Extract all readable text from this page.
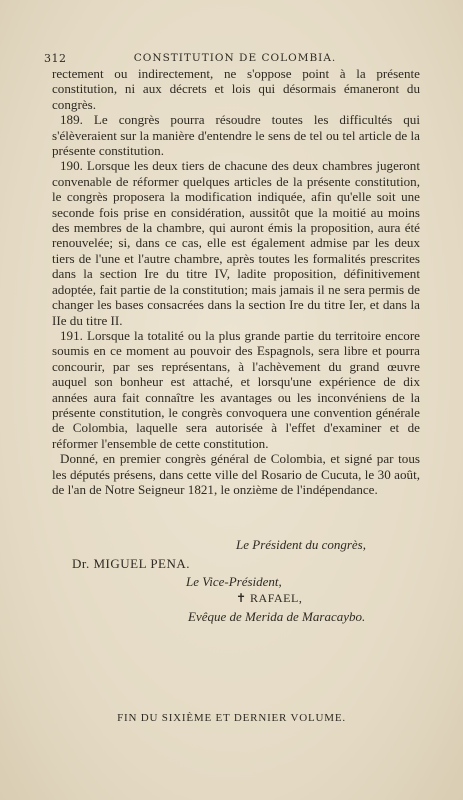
312	CONSTITUTION DE COLOMBIA.

rectement ou indirectement, ne s'oppose point à la présente constitution, ni aux décrets et lois qui désormais émaneront du congrès.

189. Le congrès pourra résoudre toutes les difficultés qui s'élèveraient sur la manière d'entendre le sens de tel ou tel article de la présente constitution.

190. Lorsque les deux tiers de chacune des deux chambres jugeront convenable de réformer quelques articles de la présente constitution, le congrès proposera la modification indiquée, afin qu'elle soit une seconde fois prise en considération, aussitôt que la moitié au moins des membres de la chambre, qui auront émis la proposition, aura été renouvelée; si, dans ce cas, elle est également admise par les deux tiers de l'une et l'autre chambre, après toutes les formalités prescrites dans la section Ire du titre IV, ladite proposition, définitivement adoptée, fait partie de la constitution; mais jamais il ne sera permis de changer les bases consacrées dans la section Ire du titre Ier, et dans la IIe du titre II.

191. Lorsque la totalité ou la plus grande partie du territoire encore soumis en ce moment au pouvoir des Espagnols, sera libre et pourra concourir, par ses représentans, à l'achèvement du grand œuvre auquel son bonheur est attaché, et lorsqu'une expérience de dix années aura fait connaître les avantages ou les inconvéniens de la présente constitution, le congrès convoquera une convention générale de Colombia, laquelle sera autorisée à l'effet d'examiner et de réformer l'ensemble de cette constitution.

Donné, en premier congrès général de Colombia, et signé par tous les députés présens, dans cette ville del Rosario de Cucuta, le 30 août, de l'an de Notre Seigneur 1821, le onzième de l'indépendance.

Le Président du congrès,
Dr. MIGUEL PENA.
Le Vice-Président,
✝ RAFAEL,
Evêque de Merida de Maracaybo.
FIN DU SIXIÈME ET DERNIER VOLUME.
